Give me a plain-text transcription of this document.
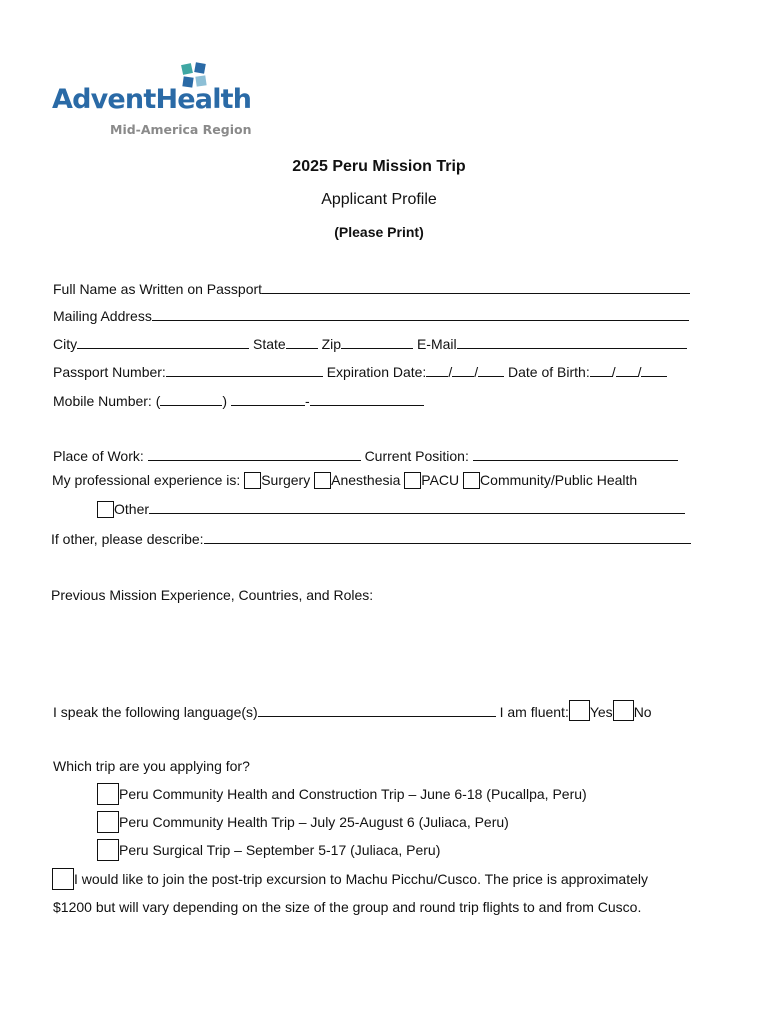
AdventHealth
Mid-America Region
2025 Peru Mission Trip
Applicant Profile
(Please Print)
Full Name as Written on Passport
Mailing Address
City	State	Zip	E-Mail
Passport Number:	Expiration Date: / / Date of Birth: / /
Mobile Number: (	)	-
Place of Work:	Current Position:
My professional experience is: Surgery Anesthesia PACU Community/Public Health
Other
If other, please describe:
Previous Mission Experience, Countries, and Roles:
I speak the following language(s)	I am fluent: Yes No
Which trip are you applying for?
Peru Community Health and Construction Trip – June 6-18 (Pucallpa, Peru)
Peru Community Health Trip – July 25-August 6 (Juliaca, Peru)
Peru Surgical Trip – September 5-17 (Juliaca, Peru)
I would like to join the post-trip excursion to Machu Picchu/Cusco. The price is approximately
$1200 but will vary depending on the size of the group and round trip flights to and from Cusco.
